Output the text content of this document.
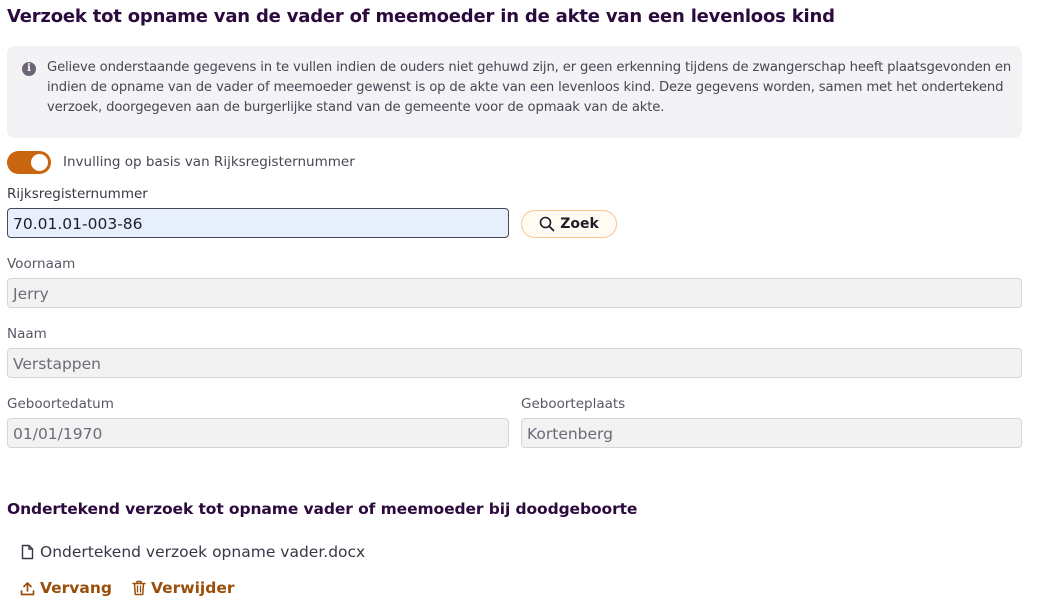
Verzoek tot opname van de vader of meemoeder in de akte van een levenloos kind
i	Gelieve onderstaande gegevens in te vullen indien de ouders niet gehuwd zijn, er geen erkenning tijdens de zwangerschap heeft plaatsgevonden en indien de opname van de vader of meemoeder gewenst is op de akte van een levenloos kind. Deze gegevens worden, samen met het ondertekend verzoek, doorgegeven aan de burgerlijke stand van de gemeente voor de opmaak van de akte.
Invulling op basis van Rijksregisternummer
Rijksregisternummer
70.01.01-003-86	Zoek
Voornaam
Jerry
Naam
Verstappen
Geboortedatum
01/01/1970
Geboorteplaats
Kortenberg
Ondertekend verzoek tot opname vader of meemoeder bij doodgeboorte
Ondertekend verzoek opname vader.docx
Vervang	Verwijder
